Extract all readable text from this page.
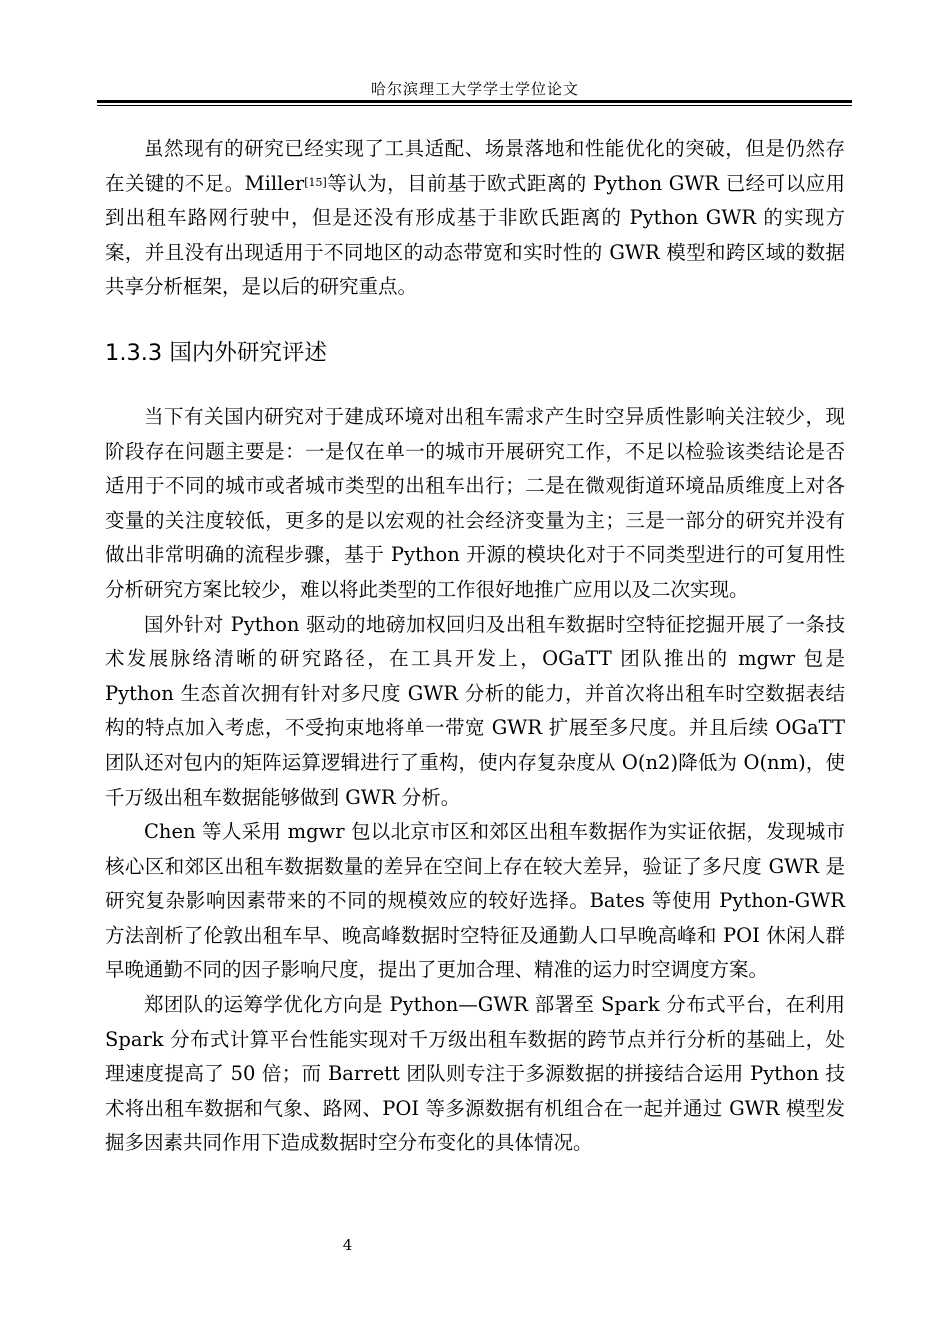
哈尔滨理工大学学士学位论文

虽然现有的研究已经实现了工具适配、场景落地和性能优化的突破，但是仍然存在关键的不足。Miller[15]等认为，目前基于欧式距离的 Python GWR 已经可以应用到出租车路网行驶中，但是还没有形成基于非欧氏距离的 Python GWR 的实现方案，并且没有出现适用于不同地区的动态带宽和实时性的 GWR 模型和跨区域的数据共享分析框架，是以后的研究重点。

1.3.3 国内外研究评述

当下有关国内研究对于建成环境对出租车需求产生时空异质性影响关注较少，现阶段存在问题主要是：一是仅在单一的城市开展研究工作，不足以检验该类结论是否适用于不同的城市或者城市类型的出租车出行；二是在微观街道环境品质维度上对各变量的关注度较低，更多的是以宏观的社会经济变量为主；三是一部分的研究并没有做出非常明确的流程步骤，基于 Python 开源的模块化对于不同类型进行的可复用性分析研究方案比较少，难以将此类型的工作很好地推广应用以及二次实现。

国外针对 Python 驱动的地磅加权回归及出租车数据时空特征挖掘开展了一条技术发展脉络清晰的研究路径，在工具开发上，OGaTT 团队推出的 mgwr 包是 Python 生态首次拥有针对多尺度 GWR 分析的能力，并首次将出租车时空数据表结构的特点加入考虑，不受拘束地将单一带宽 GWR 扩展至多尺度。并且后续 OGaTT 团队还对包内的矩阵运算逻辑进行了重构，使内存复杂度从 O(n2)降低为 O(nm)，使千万级出租车数据能够做到 GWR 分析。

Chen 等人采用 mgwr 包以北京市区和郊区出租车数据作为实证依据，发现城市核心区和郊区出租车数据数量的差异在空间上存在较大差异，验证了多尺度 GWR 是研究复杂影响因素带来的不同的规模效应的较好选择。Bates 等使用 Python-GWR 方法剖析了伦敦出租车早、晚高峰数据时空特征及通勤人口早晚高峰和 POI 休闲人群早晚通勤不同的因子影响尺度，提出了更加合理、精准的运力时空调度方案。

郑团队的运筹学优化方向是 Python—GWR 部署至 Spark 分布式平台，在利用 Spark 分布式计算平台性能实现对千万级出租车数据的跨节点并行分析的基础上，处理速度提高了 50 倍；而 Barrett 团队则专注于多源数据的拼接结合运用 Python 技术将出租车数据和气象、路网、POI 等多源数据有机组合在一起并通过 GWR 模型发掘多因素共同作用下造成数据时空分布变化的具体情况。

4
